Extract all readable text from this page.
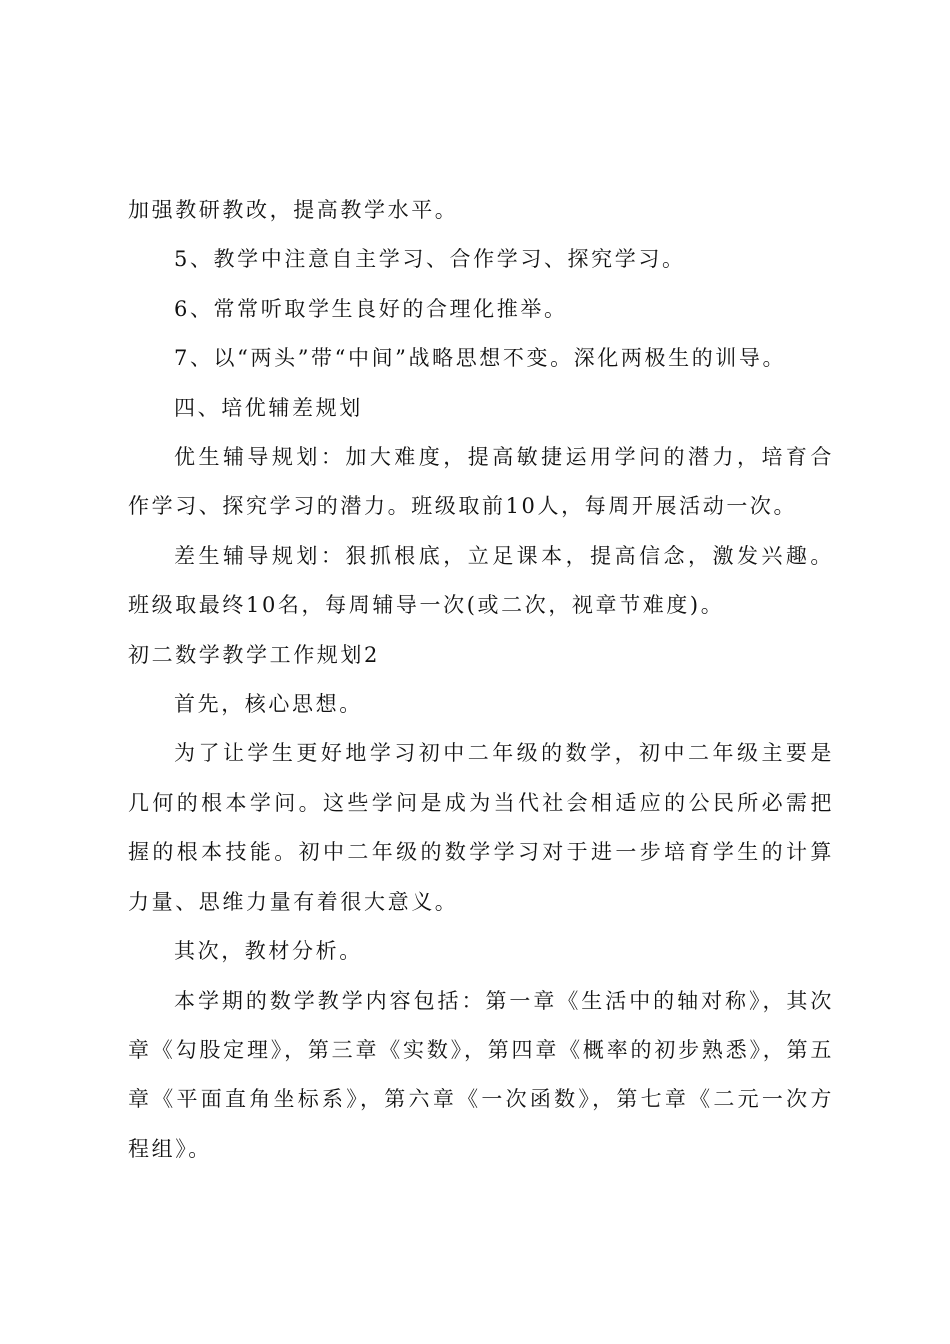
加强教研教改，提高教学水平。

5、教学中注意自主学习、合作学习、探究学习。

6、常常听取学生良好的合理化推举。

7、以“两头”带“中间”战略思想不变。深化两极生的训导。

四、培优辅差规划

优生辅导规划：加大难度，提高敏捷运用学问的潜力，培育合作学习、探究学习的潜力。班级取前10人，每周开展活动一次。

差生辅导规划：狠抓根底，立足课本，提高信念，激发兴趣。班级取最终10名，每周辅导一次(或二次，视章节难度)。

初二数学教学工作规划2

首先，核心思想。

为了让学生更好地学习初中二年级的数学，初中二年级主要是几何的根本学问。这些学问是成为当代社会相适应的公民所必需把握的根本技能。初中二年级的数学学习对于进一步培育学生的计算力量、思维力量有着很大意义。

其次，教材分析。

本学期的数学教学内容包括：第一章《生活中的轴对称》，其次章《勾股定理》，第三章《实数》，第四章《概率的初步熟悉》，第五章《平面直角坐标系》，第六章《一次函数》，第七章《二元一次方程组》。
